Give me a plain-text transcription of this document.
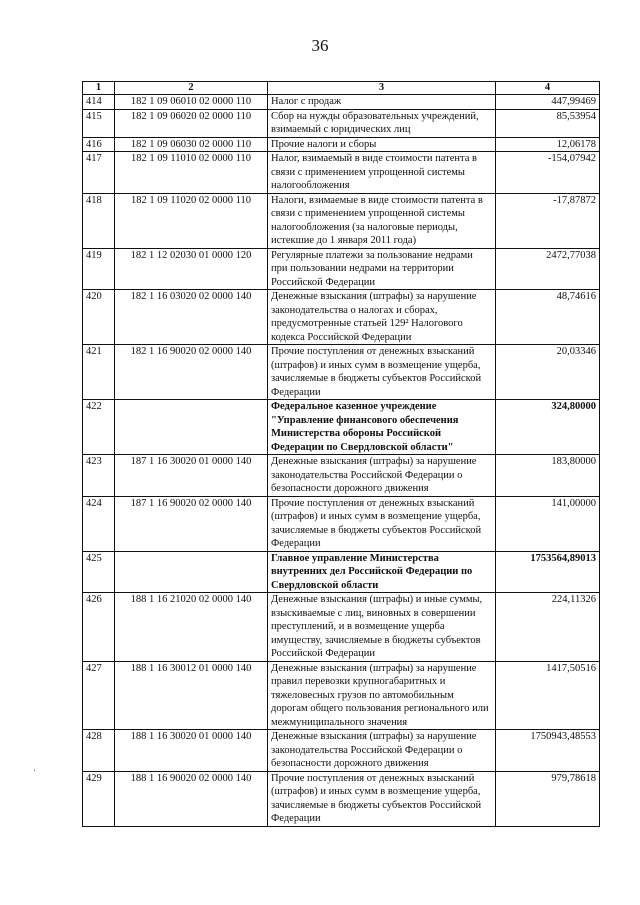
36
'
1	2	3	4
414	182 1 09 06010 02 0000 110	Налог с продаж	447,99469
415	182 1 09 06020 02 0000 110	Сбор на нужды образовательных учреждений, взимаемый с юридических лиц	85,53954
416	182 1 09 06030 02 0000 110	Прочие налоги и сборы	12,06178
417	182 1 09 11010 02 0000 110	Налог, взимаемый в виде стоимости патента в связи с применением упрощенной системы налогообложения	-154,07942
418	182 1 09 11020 02 0000 110	Налоги, взимаемые в виде стоимости патента в связи с применением упрощенной системы налогообложения (за налоговые периоды, истекшие до 1 января 2011 года)	-17,87872
419	182 1 12 02030 01 0000 120	Регулярные платежи за пользование недрами при пользовании недрами на территории Российской Федерации	2472,77038
420	182 1 16 03020 02 0000 140	Денежные взыскания (штрафы) за нарушение законодательства о налогах и сборах, предусмотренные статьей 129² Налогового кодекса Российской Федерации	48,74616
421	182 1 16 90020 02 0000 140	Прочие поступления от денежных взысканий (штрафов) и иных сумм в возмещение ущерба, зачисляемые в бюджеты субъектов Российской Федерации	20,03346
422		Федеральное казенное учреждение "Управление финансового обеспечения Министерства обороны Российской Федерации по Свердловской области"	324,80000
423	187 1 16 30020 01 0000 140	Денежные взыскания (штрафы) за нарушение законодательства Российской Федерации о безопасности дорожного движения	183,80000
424	187 1 16 90020 02 0000 140	Прочие поступления от денежных взысканий (штрафов) и иных сумм в возмещение ущерба, зачисляемые в бюджеты субъектов Российской Федерации	141,00000
425		Главное управление Министерства внутренних дел Российской Федерации по Свердловской области	1753564,89013
426	188 1 16 21020 02 0000 140	Денежные взыскания (штрафы) и иные суммы, взыскиваемые с лиц, виновных в совершении преступлений, и в возмещение ущерба имуществу, зачисляемые в бюджеты субъектов Российской Федерации	224,11326
427	188 1 16 30012 01 0000 140	Денежные взыскания (штрафы) за нарушение правил перевозки крупногабаритных и тяжеловесных грузов по автомобильным дорогам общего пользования регионального или межмуниципального значения	1417,50516
428	188 1 16 30020 01 0000 140	Денежные взыскания (штрафы) за нарушение законодательства Российской Федерации о безопасности дорожного движения	1750943,48553
429	188 1 16 90020 02 0000 140	Прочие поступления от денежных взысканий (штрафов) и иных сумм в возмещение ущерба, зачисляемые в бюджеты субъектов Российской Федерации	979,78618
